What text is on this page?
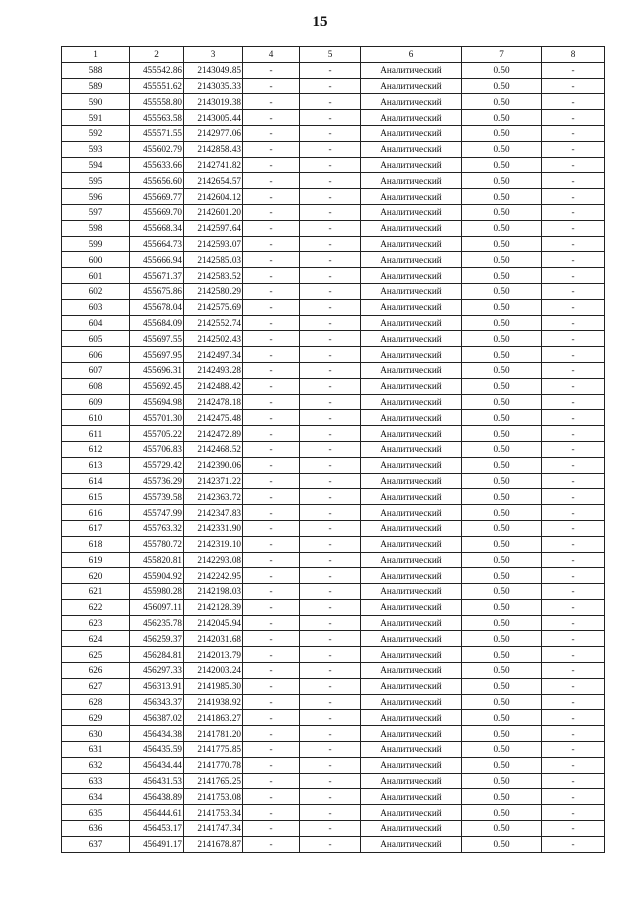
15
1	2	3	4	5	6	7	8
588	455542.86	2143049.85	-	-	Аналитический	0.50	-
589	455551.62	2143035.33	-	-	Аналитический	0.50	-
590	455558.80	2143019.38	-	-	Аналитический	0.50	-
591	455563.58	2143005.44	-	-	Аналитический	0.50	-
592	455571.55	2142977.06	-	-	Аналитический	0.50	-
593	455602.79	2142858.43	-	-	Аналитический	0.50	-
594	455633.66	2142741.82	-	-	Аналитический	0.50	-
595	455656.60	2142654.57	-	-	Аналитический	0.50	-
596	455669.77	2142604.12	-	-	Аналитический	0.50	-
597	455669.70	2142601.20	-	-	Аналитический	0.50	-
598	455668.34	2142597.64	-	-	Аналитический	0.50	-
599	455664.73	2142593.07	-	-	Аналитический	0.50	-
600	455666.94	2142585.03	-	-	Аналитический	0.50	-
601	455671.37	2142583.52	-	-	Аналитический	0.50	-
602	455675.86	2142580.29	-	-	Аналитический	0.50	-
603	455678.04	2142575.69	-	-	Аналитический	0.50	-
604	455684.09	2142552.74	-	-	Аналитический	0.50	-
605	455697.55	2142502.43	-	-	Аналитический	0.50	-
606	455697.95	2142497.34	-	-	Аналитический	0.50	-
607	455696.31	2142493.28	-	-	Аналитический	0.50	-
608	455692.45	2142488.42	-	-	Аналитический	0.50	-
609	455694.98	2142478.18	-	-	Аналитический	0.50	-
610	455701.30	2142475.48	-	-	Аналитический	0.50	-
611	455705.22	2142472.89	-	-	Аналитический	0.50	-
612	455706.83	2142468.52	-	-	Аналитический	0.50	-
613	455729.42	2142390.06	-	-	Аналитический	0.50	-
614	455736.29	2142371.22	-	-	Аналитический	0.50	-
615	455739.58	2142363.72	-	-	Аналитический	0.50	-
616	455747.99	2142347.83	-	-	Аналитический	0.50	-
617	455763.32	2142331.90	-	-	Аналитический	0.50	-
618	455780.72	2142319.10	-	-	Аналитический	0.50	-
619	455820.81	2142293.08	-	-	Аналитический	0.50	-
620	455904.92	2142242.95	-	-	Аналитический	0.50	-
621	455980.28	2142198.03	-	-	Аналитический	0.50	-
622	456097.11	2142128.39	-	-	Аналитический	0.50	-
623	456235.78	2142045.94	-	-	Аналитический	0.50	-
624	456259.37	2142031.68	-	-	Аналитический	0.50	-
625	456284.81	2142013.79	-	-	Аналитический	0.50	-
626	456297.33	2142003.24	-	-	Аналитический	0.50	-
627	456313.91	2141985.30	-	-	Аналитический	0.50	-
628	456343.37	2141938.92	-	-	Аналитический	0.50	-
629	456387.02	2141863.27	-	-	Аналитический	0.50	-
630	456434.38	2141781.20	-	-	Аналитический	0.50	-
631	456435.59	2141775.85	-	-	Аналитический	0.50	-
632	456434.44	2141770.78	-	-	Аналитический	0.50	-
633	456431.53	2141765.25	-	-	Аналитический	0.50	-
634	456438.89	2141753.08	-	-	Аналитический	0.50	-
635	456444.61	2141753.34	-	-	Аналитический	0.50	-
636	456453.17	2141747.34	-	-	Аналитический	0.50	-
637	456491.17	2141678.87	-	-	Аналитический	0.50	-
